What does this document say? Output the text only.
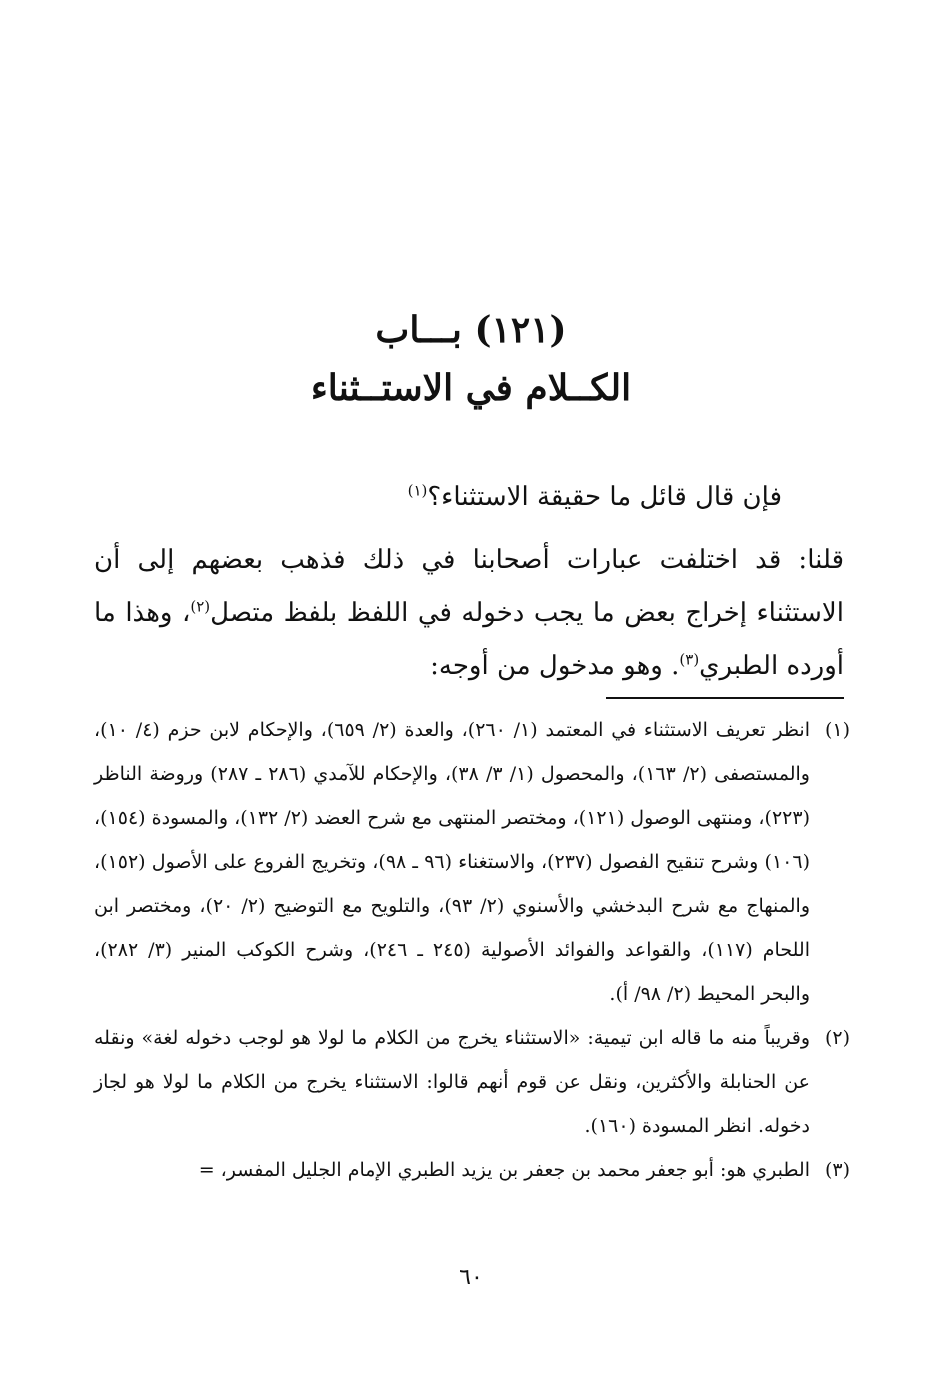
(١٢١) بـــاب
الكــلام في الاستــثناء

فإن قال قائل ما حقيقة الاستثناء؟$^{(١)}$

قلنا: قد اختلفت عبارات أصحابنا في ذلك فذهب بعضهم إلى أن الاستثناء إخراج بعض ما يجب دخوله في اللفظ بلفظ متصل$^{(٢)}$، وهذا ما أورده الطبري$^{(٣)}$. وهو مدخول من أوجه:

(١)
انظر تعريف الاستثناء في المعتمد (١/ ٢٦٠)، والعدة (٢/ ٦٥٩)، والإحكام لابن حزم (٤/ ١٠)، والمستصفى (٢/ ١٦٣)، والمحصول (١/ ٣/ ٣٨)، والإحكام للآمدي (٢٨٦ ـ ٢٨٧) وروضة الناظر (٢٢٣)، ومنتهى الوصول (١٢١)، ومختصر المنتهى مع شرح العضد (٢/ ١٣٢)، والمسودة (١٥٤)، (١٠٦) وشرح تنقيح الفصول (٢٣٧)، والاستغناء (٩٦ ـ ٩٨)، وتخريج الفروع على الأصول (١٥٢)، والمنهاج مع شرح البدخشي والأسنوي (٢/ ٩٣)، والتلويح مع التوضيح (٢/ ٢٠)، ومختصر ابن اللحام (١١٧)، والقواعد والفوائد الأصولية (٢٤٥ ـ ٢٤٦)، وشرح الكوكب المنير (٣/ ٢٨٢)، والبحر المحيط (٢/ ٩٨/ أ).

(٢)
وقريباً منه ما قاله ابن تيمية: «الاستثناء يخرج من الكلام ما لولا هو لوجب دخوله لغة» ونقله عن الحنابلة والأكثرين، ونقل عن قوم أنهم قالوا: الاستثناء يخرج من الكلام ما لولا هو لجاز دخوله. انظر المسودة (١٦٠).

(٣)
الطبري هو: أبو جعفر محمد بن جعفر بن يزيد الطبري الإمام الجليل المفسر، =

٦٠
